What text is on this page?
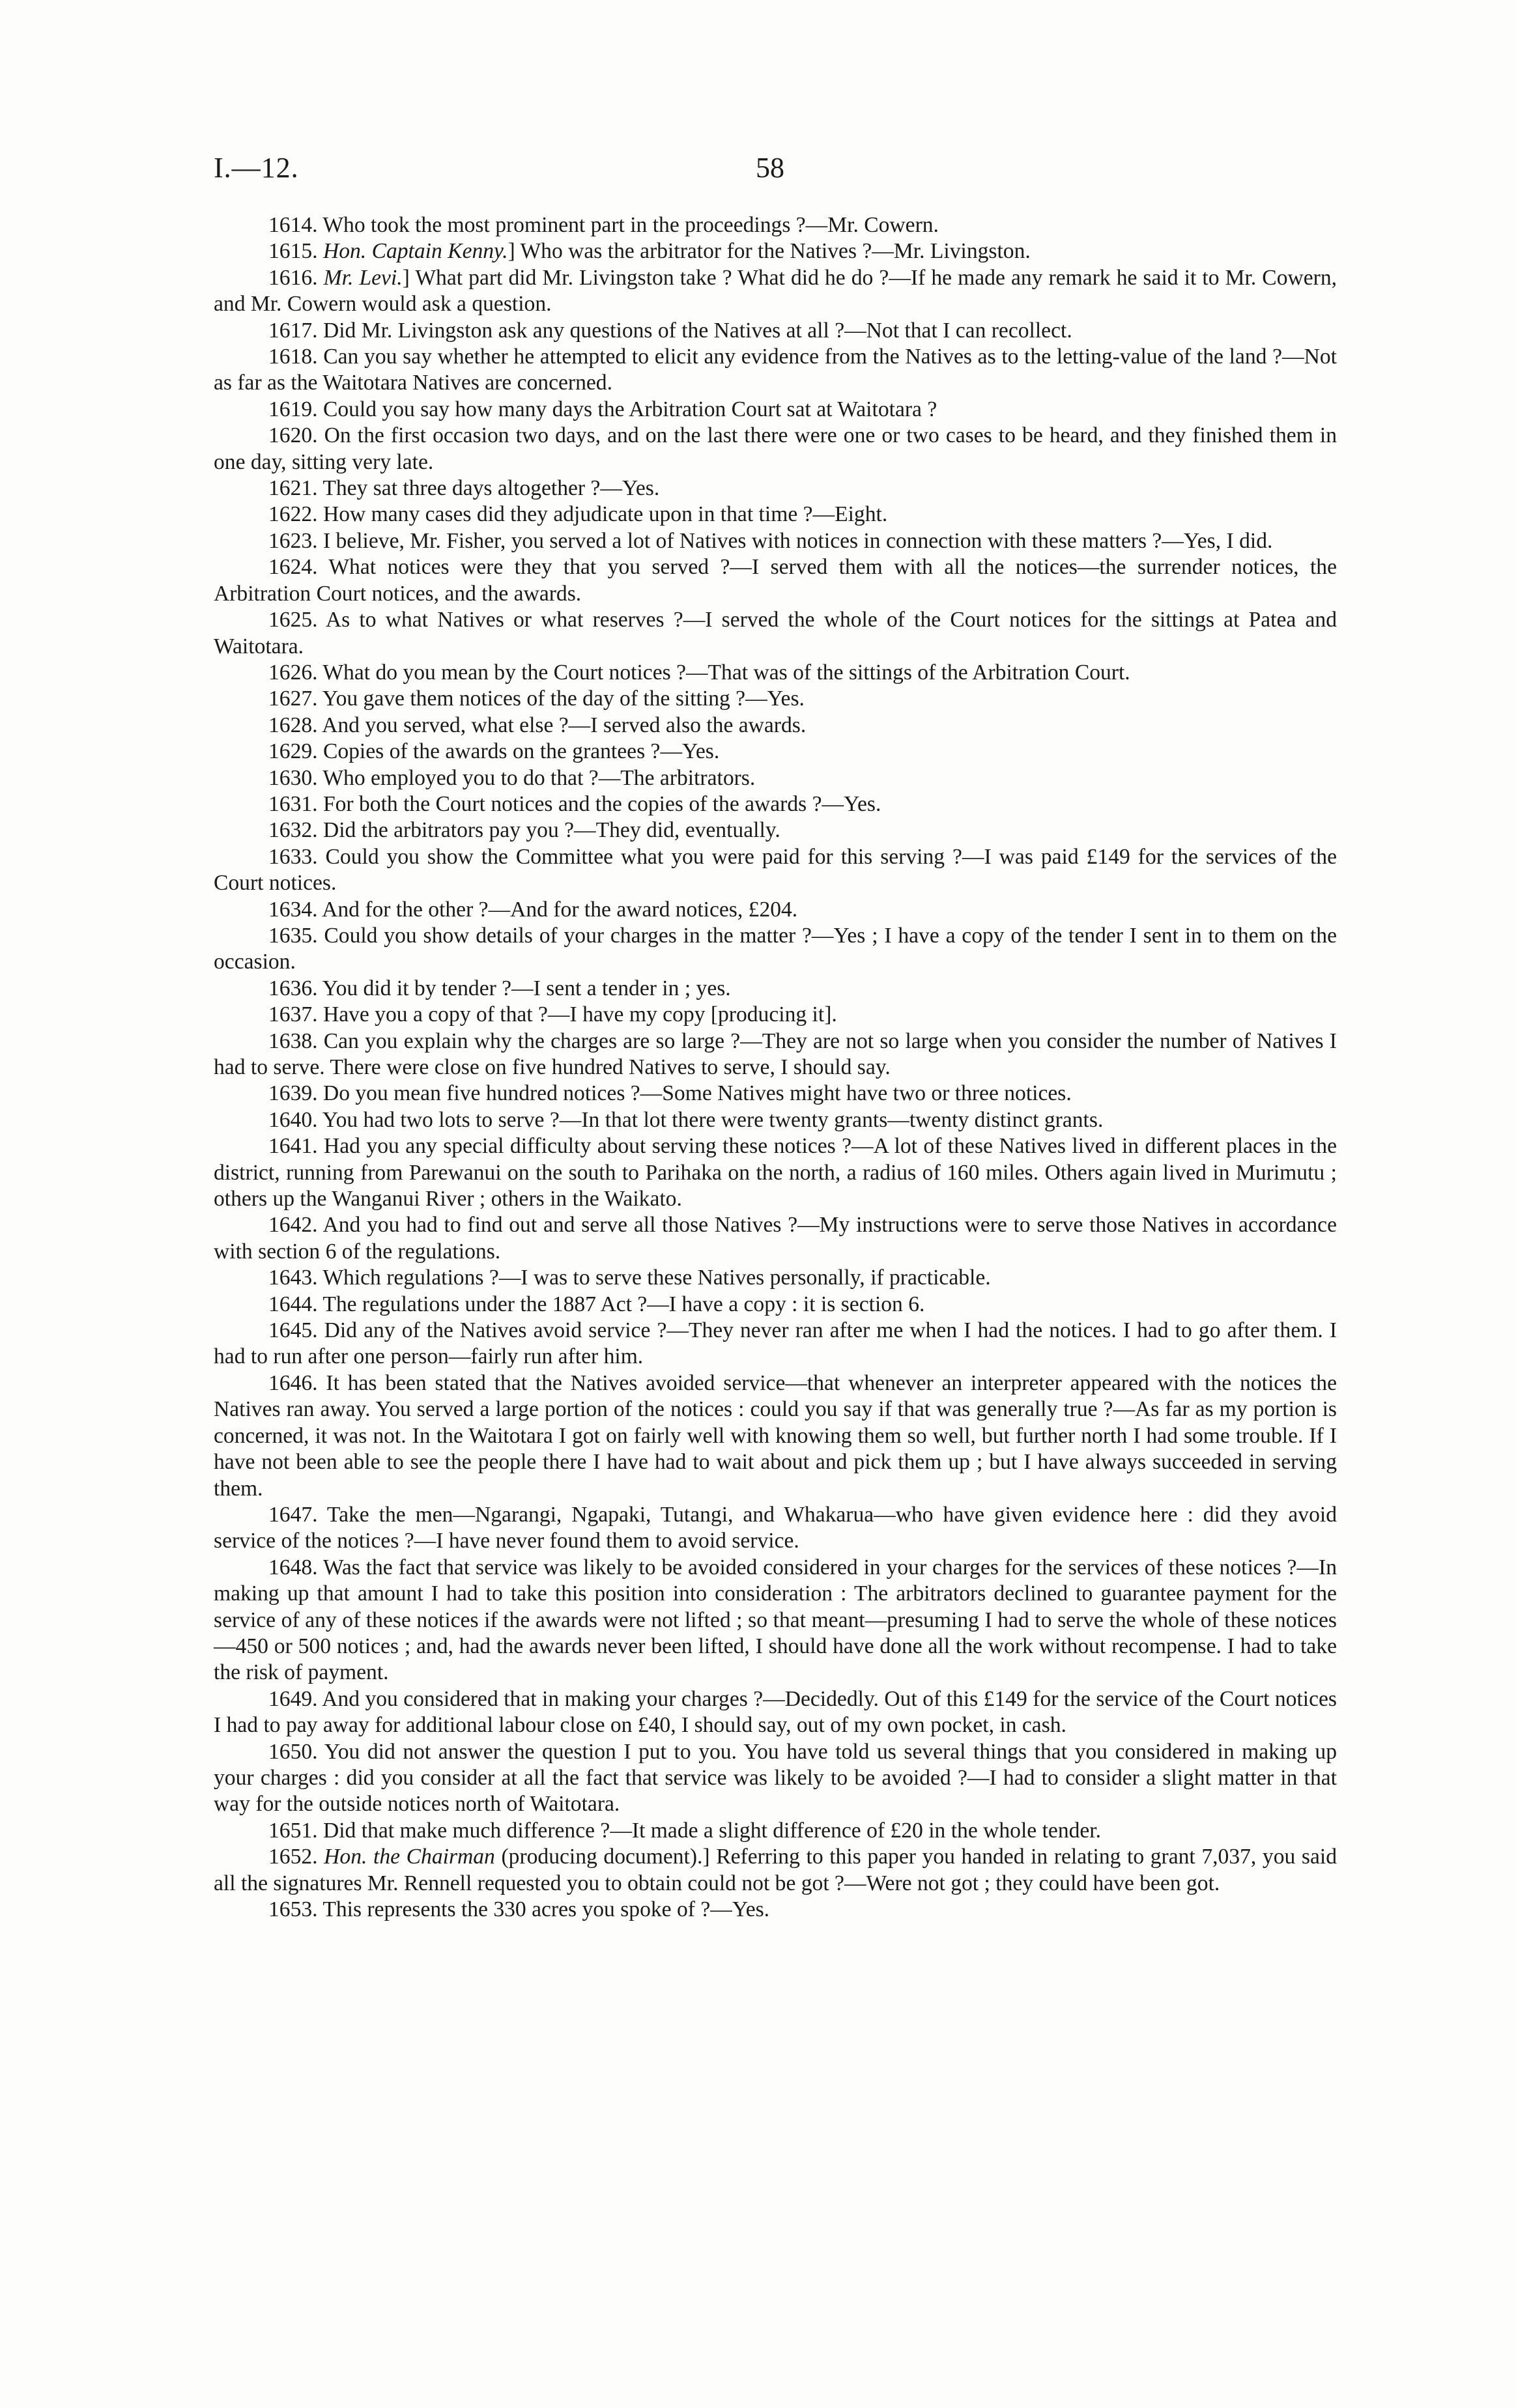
I.—12.	58

1614. Who took the most prominent part in the proceedings ?—Mr. Cowern.

1615. Hon. Captain Kenny.] Who was the arbitrator for the Natives ?—Mr. Livingston.

1616. Mr. Levi.] What part did Mr. Livingston take ? What did he do ?—If he made any remark he said it to Mr. Cowern, and Mr. Cowern would ask a question.

1617. Did Mr. Livingston ask any questions of the Natives at all ?—Not that I can recollect.

1618. Can you say whether he attempted to elicit any evidence from the Natives as to the letting-value of the land ?—Not as far as the Waitotara Natives are concerned.

1619. Could you say how many days the Arbitration Court sat at Waitotara ?

1620. On the first occasion two days, and on the last there were one or two cases to be heard, and they finished them in one day, sitting very late.

1621. They sat three days altogether ?—Yes.

1622. How many cases did they adjudicate upon in that time ?—Eight.

1623. I believe, Mr. Fisher, you served a lot of Natives with notices in connection with these matters ?—Yes, I did.

1624. What notices were they that you served ?—I served them with all the notices—the surrender notices, the Arbitration Court notices, and the awards.

1625. As to what Natives or what reserves ?—I served the whole of the Court notices for the sittings at Patea and Waitotara.

1626. What do you mean by the Court notices ?—That was of the sittings of the Arbitration Court.

1627. You gave them notices of the day of the sitting ?—Yes.

1628. And you served, what else ?—I served also the awards.

1629. Copies of the awards on the grantees ?—Yes.

1630. Who employed you to do that ?—The arbitrators.

1631. For both the Court notices and the copies of the awards ?—Yes.

1632. Did the arbitrators pay you ?—They did, eventually.

1633. Could you show the Committee what you were paid for this serving ?—I was paid £149 for the services of the Court notices.

1634. And for the other ?—And for the award notices, £204.

1635. Could you show details of your charges in the matter ?—Yes ; I have a copy of the tender I sent in to them on the occasion.

1636. You did it by tender ?—I sent a tender in ; yes.

1637. Have you a copy of that ?—I have my copy [producing it].

1638. Can you explain why the charges are so large ?—They are not so large when you consider the number of Natives I had to serve. There were close on five hundred Natives to serve, I should say.

1639. Do you mean five hundred notices ?—Some Natives might have two or three notices.

1640. You had two lots to serve ?—In that lot there were twenty grants—twenty distinct grants.

1641. Had you any special difficulty about serving these notices ?—A lot of these Natives lived in different places in the district, running from Parewanui on the south to Parihaka on the north, a radius of 160 miles. Others again lived in Murimutu ; others up the Wanganui River ; others in the Waikato.

1642. And you had to find out and serve all those Natives ?—My instructions were to serve those Natives in accordance with section 6 of the regulations.

1643. Which regulations ?—I was to serve these Natives personally, if practicable.

1644. The regulations under the 1887 Act ?—I have a copy : it is section 6.

1645. Did any of the Natives avoid service ?—They never ran after me when I had the notices. I had to go after them. I had to run after one person—fairly run after him.

1646. It has been stated that the Natives avoided service—that whenever an interpreter appeared with the notices the Natives ran away. You served a large portion of the notices : could you say if that was generally true ?—As far as my portion is concerned, it was not. In the Waitotara I got on fairly well with knowing them so well, but further north I had some trouble. If I have not been able to see the people there I have had to wait about and pick them up ; but I have always succeeded in serving them.

1647. Take the men—Ngarangi, Ngapaki, Tutangi, and Whakarua—who have given evidence here : did they avoid service of the notices ?—I have never found them to avoid service.

1648. Was the fact that service was likely to be avoided considered in your charges for the services of these notices ?—In making up that amount I had to take this position into consideration : The arbitrators declined to guarantee payment for the service of any of these notices if the awards were not lifted ; so that meant—presuming I had to serve the whole of these notices—450 or 500 notices ; and, had the awards never been lifted, I should have done all the work without recompense. I had to take the risk of payment.

1649. And you considered that in making your charges ?—Decidedly. Out of this £149 for the service of the Court notices I had to pay away for additional labour close on £40, I should say, out of my own pocket, in cash.

1650. You did not answer the question I put to you. You have told us several things that you considered in making up your charges : did you consider at all the fact that service was likely to be avoided ?—I had to consider a slight matter in that way for the outside notices north of Waitotara.

1651. Did that make much difference ?—It made a slight difference of £20 in the whole tender.

1652. Hon. the Chairman (producing document).] Referring to this paper you handed in relating to grant 7,037, you said all the signatures Mr. Rennell requested you to obtain could not be got ?—Were not got ; they could have been got.

1653. This represents the 330 acres you spoke of ?—Yes.
